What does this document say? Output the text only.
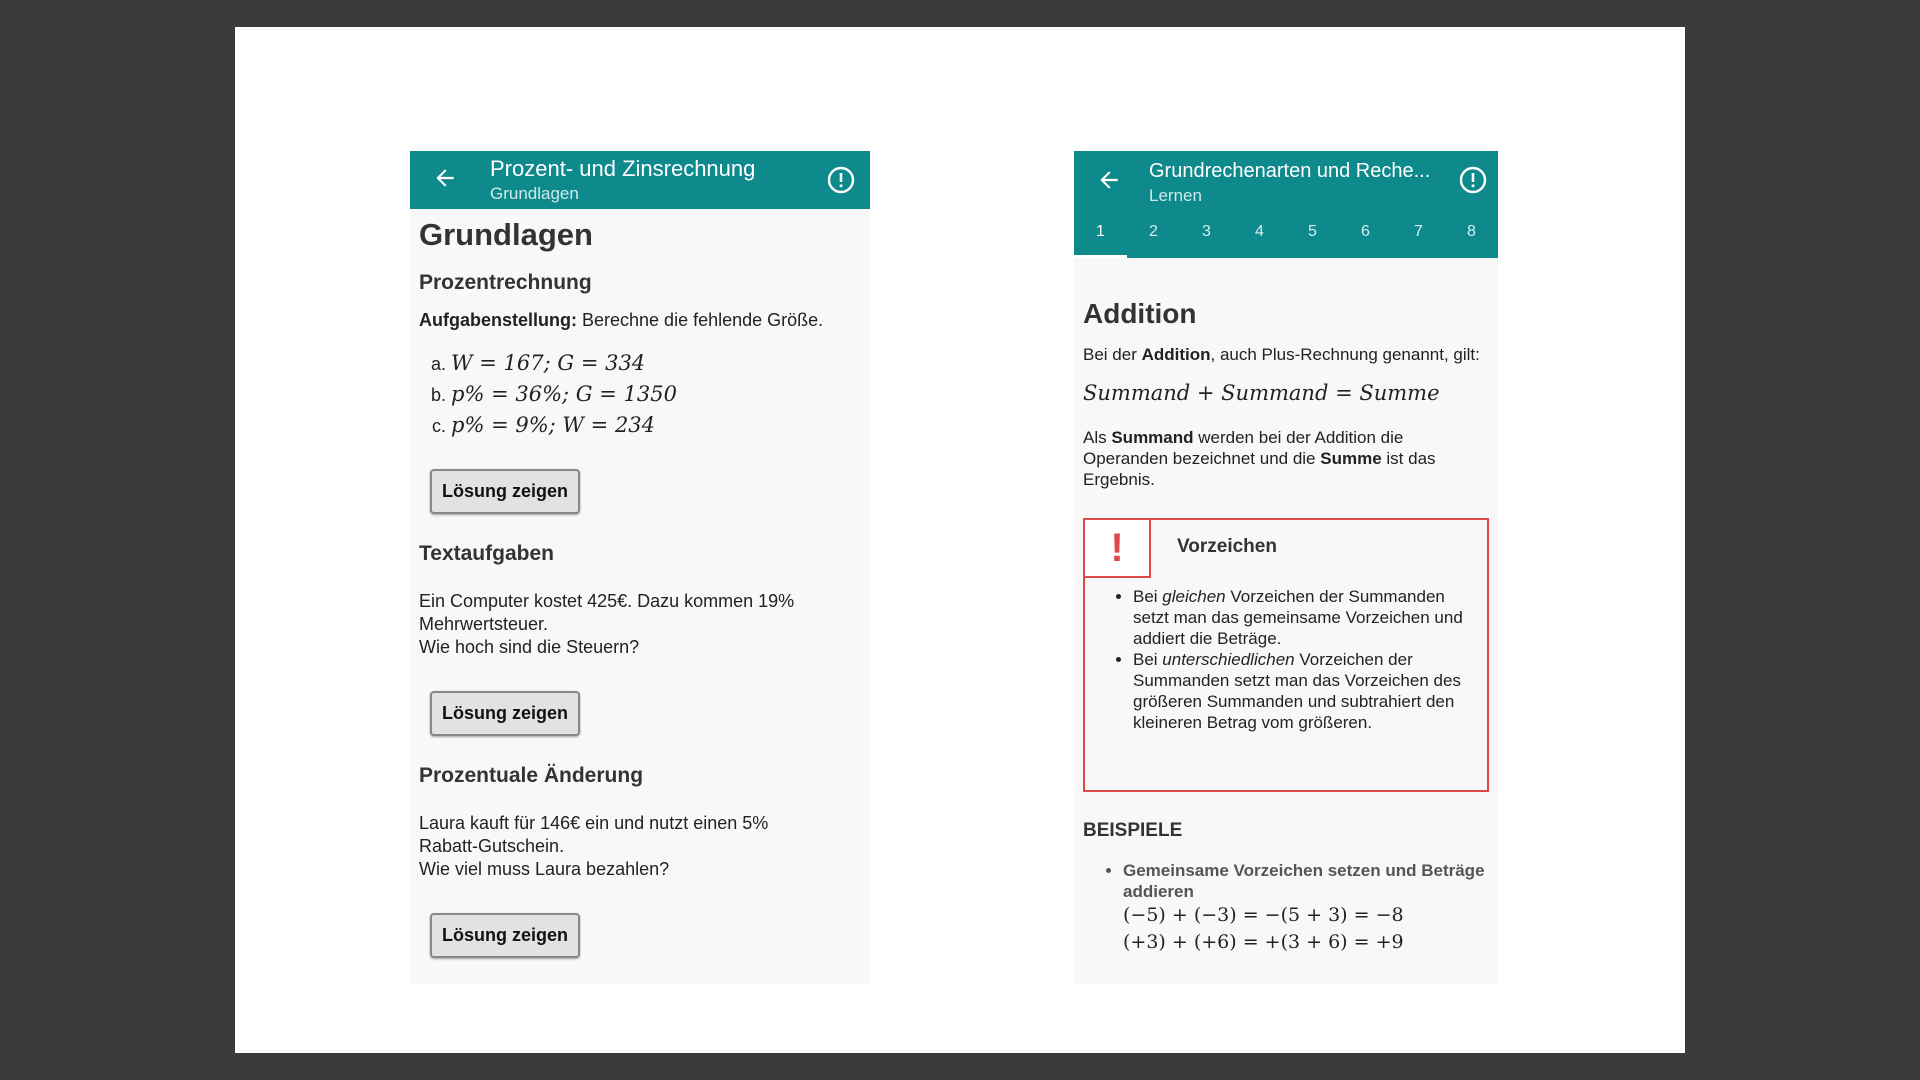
Prozent- und Zinsrechnung
Grundlagen
Grundlagen
Prozentrechnung

Aufgabenstellung: Berechne die fehlende Größe.

a. W = 167; G = 334
b. p% = 36%; G = 1350
c. p% = 9%; W = 234
Lösung zeigen
Textaufgaben

Ein Computer kostet 425€. Dazu kommen 19%
Mehrwertsteuer.
Wie hoch sind die Steuern?

Lösung zeigen
Prozentuale Änderung

Laura kauft für 146€ ein und nutzt einen 5%
Rabatt-Gutschein.
Wie viel muss Laura bezahlen?

Lösung zeigen
Grundrechenarten und Reche...
Lernen
1	2	3	4	5	6	7	8
Addition

Bei der Addition, auch Plus-Rechnung genannt, gilt:

Summand + Summand = Summe

Als Summand werden bei der Addition die Operanden bezeichnet und die Summe ist das Ergebnis.

!	Vorzeichen
• Bei gleichen Vorzeichen der Summanden setzt man das gemeinsame Vorzeichen und addiert die Beträge.
• Bei unterschiedlichen Vorzeichen der Summanden setzt man das Vorzeichen des größeren Summanden und subtrahiert den kleineren Betrag vom größeren.
BEISPIELE
• Gemeinsame Vorzeichen setzen und Beträge addieren
(−5) + (−3) = −(5 + 3) = −8
(+3) + (+6) = +(3 + 6) = +9
